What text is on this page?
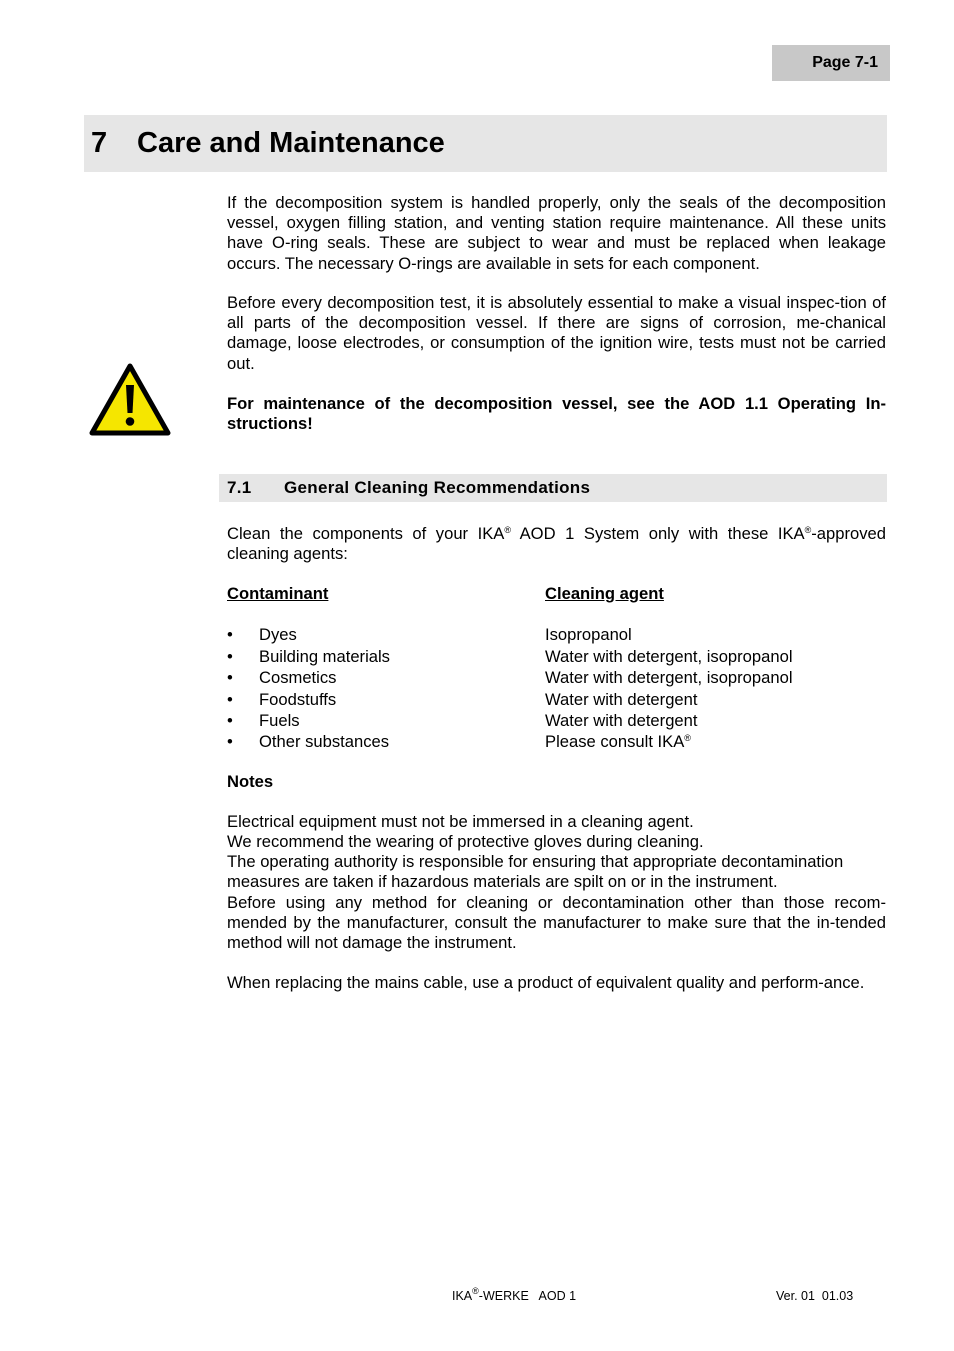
Page 7-1
7	Care and Maintenance
If the decomposition system is handled properly, only the seals of the decomposition vessel, oxygen filling station, and venting station require maintenance. All these units have O-ring seals. These are subject to wear and must be replaced when leakage occurs. The necessary O-rings are available in sets for each component.
Before every decomposition test, it is absolutely essential to make a visual inspec-tion of all parts of the decomposition vessel. If there are signs of corrosion, me-chanical damage, loose electrodes, or consumption of the ignition wire, tests must not be carried out.
For maintenance of the decomposition vessel, see the AOD 1.1 Operating In-structions!
7.1	General Cleaning Recommendations
Clean the components of your IKA® AOD 1 System only with these IKA®-approved cleaning agents:
Contaminant	Cleaning agent
• Dyes	Isopropanol
• Building materials	Water with detergent, isopropanol
• Cosmetics	Water with detergent, isopropanol
• Foodstuffs	Water with detergent
• Fuels	Water with detergent
• Other substances	Please consult IKA®
Notes
Electrical equipment must not be immersed in a cleaning agent.
We recommend the wearing of protective gloves during cleaning.
The operating authority is responsible for ensuring that appropriate decontamination measures are taken if hazardous materials are spilt on or in the instrument.
Before using any method for cleaning or decontamination other than those recom-mended by the manufacturer, consult the manufacturer to make sure that the in-tended method will not damage the instrument.
When replacing the mains cable, use a product of equivalent quality and perform-ance.
IKA®-WERKE   AOD 1	Ver. 01  01.03
